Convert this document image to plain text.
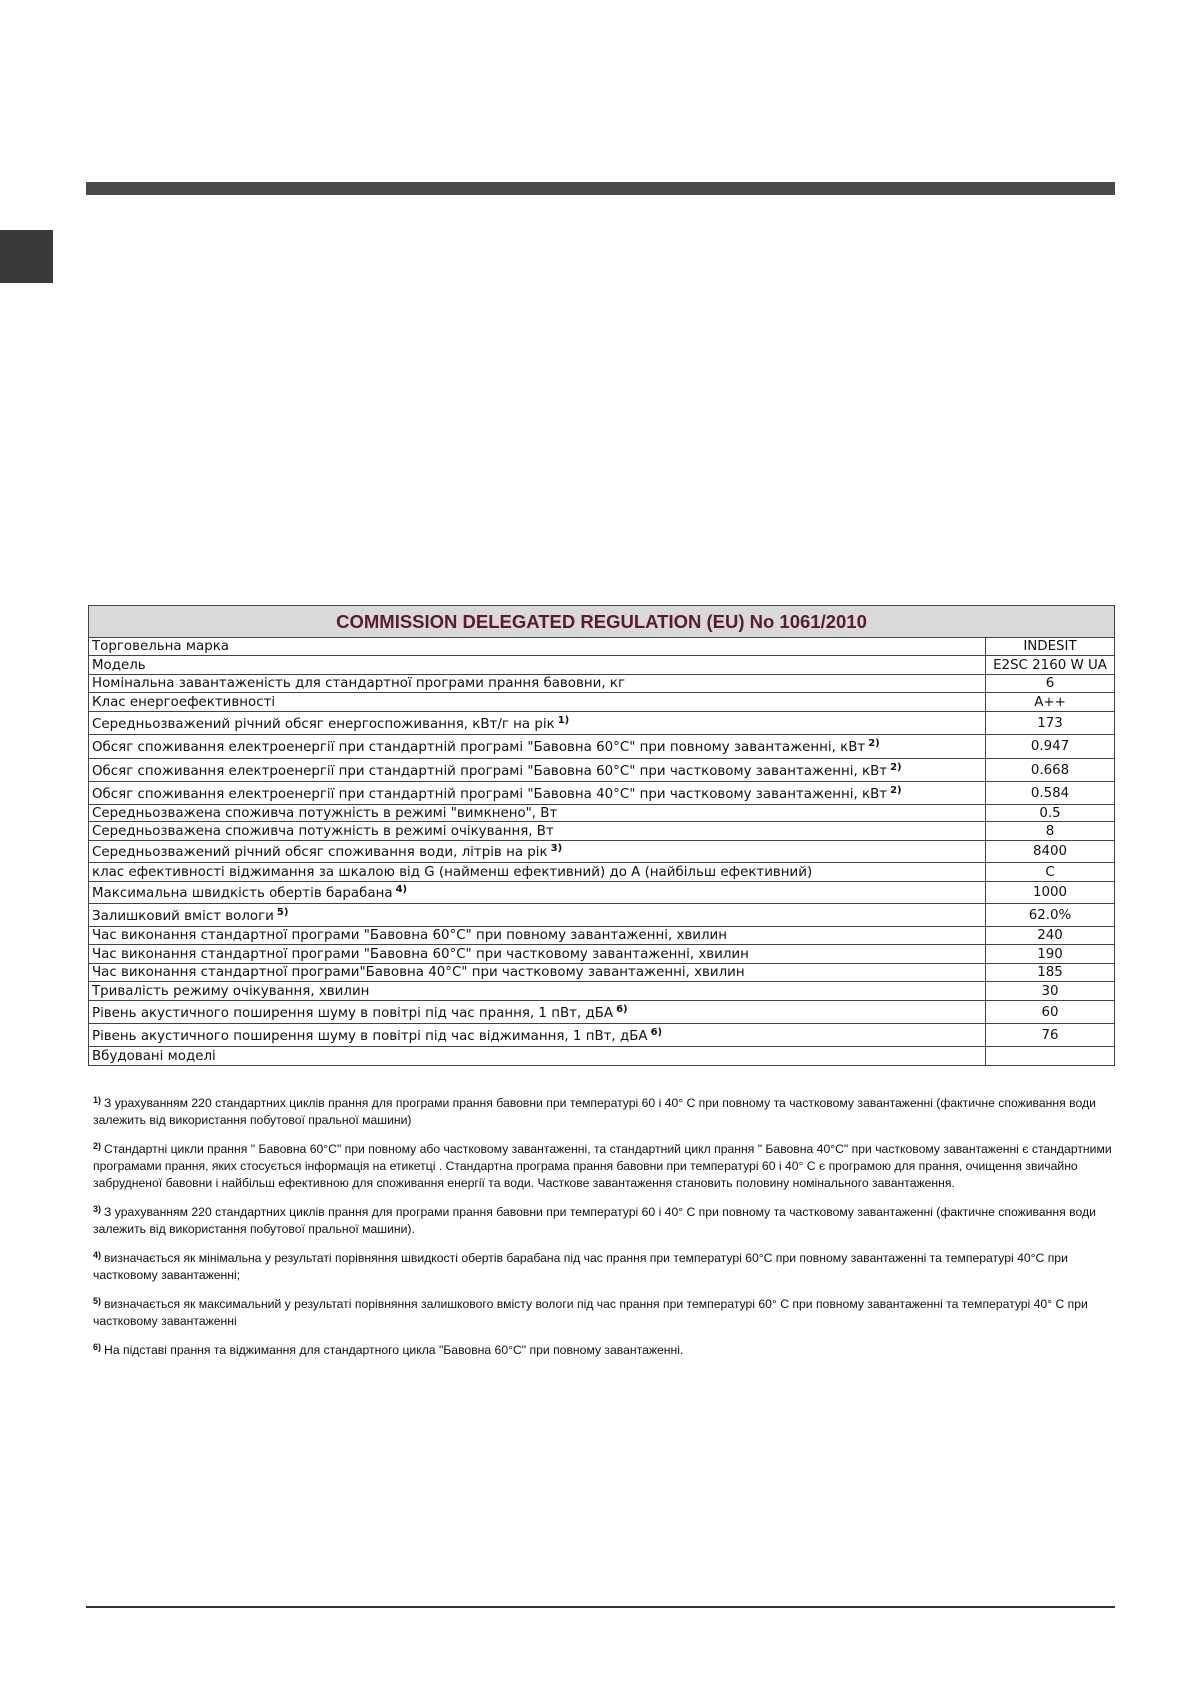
COMMISSION DELEGATED REGULATION (EU) No 1061/2010	
Торговельна марка	INDESIT
Модель	E2SC 2160 W UA
Номінальна завантаженість для стандартної програми прання бавовни, кг	6
Клас енергоефективності	A++
Середньозважений річний обсяг енергоспоживання, кВт/г на рік $^{1)}$	173
Обсяг споживання електроенергії при стандартній програмі "Бавовна 60°С" при повному завантаженні, кВт $^{2)}$	0.947
Обсяг споживання електроенергії при стандартній програмі "Бавовна 60°С" при частковому завантаженні, кВт $^{2)}$	0.668
Обсяг споживання електроенергії при стандартній програмі "Бавовна 40°С" при частковому завантаженні, кВт $^{2)}$	0.584
Середньозважена споживча потужність в режимі "вимкнено", Вт	0.5
Середньозважена споживча потужність в режимі очікування, Вт	8
Середньозважений річний обсяг споживання води, літрів на рік $^{3)}$	8400
клас ефективності віджимання за шкалою від G (найменш ефективний) до A (найбільш ефективний)	C
Максимальна швидкість обертів барабана $^{4)}$	1000
Залишковий вміст вологи $^{5)}$	62.0%
Час виконання стандартної програми "Бавовна 60°С" при повному завантаженні, хвилин	240
Час виконання стандартної програми "Бавовна 60°С" при частковому завантаженні, хвилин	190
Час виконання стандартної програми"Бавовна 40°С" при частковому завантаженні, хвилин	185
Тривалість режиму очікування, хвилин	30
Рівень акустичного поширення шуму в повітрі під час прання, 1 пВт, дБА $^{6)}$	60
Рівень акустичного поширення шуму в повітрі під час віджимання, 1 пВт, дБА $^{6)}$	76
Вбудовані моделі	

$^{1)}$ З урахуванням 220 стандартних циклів прання для програми прання бавовни при температурі 60 і 40° С при повному та частковому завантаженні (фактичне споживання води залежить від використання побутової пральної машини)

$^{2)}$ Стандартні цикли прання " Бавовна 60°С" при повному або частковому завантаженні, та стандартний цикл прання " Бавовна 40°С" при частковому завантаженні є стандартними програмами прання, яких стосується інформація на етикетці . Стандартна програма прання бавовни при температурі 60 і 40° С є програмою для прання, очищення звичайно забрудненої бавовни і найбільш ефективною для споживання енергії та води. Часткове завантаження становить половину номінального завантаження.

$^{3)}$ З урахуванням 220 стандартних циклів прання для програми прання бавовни при температурі 60 і 40° С при повному та частковому завантаженні (фактичне споживання води залежить від використання побутової пральної машини).

$^{4)}$ визначається як мінімальна у результаті порівняння швидкості обертів барабана під час прання при температурі 60°С при повному завантаженні та температурі 40°С при частковому завантаженні;

$^{5)}$ визначається як максимальний у результаті порівняння залишкового вмісту вологи під час прання при температурі 60° С при повному завантаженні та температурі 40° С при частковому завантаженні

$^{6)}$ На підставі прання та віджимання для стандартного цикла "Бавовна 60°С" при повному завантаженні.
